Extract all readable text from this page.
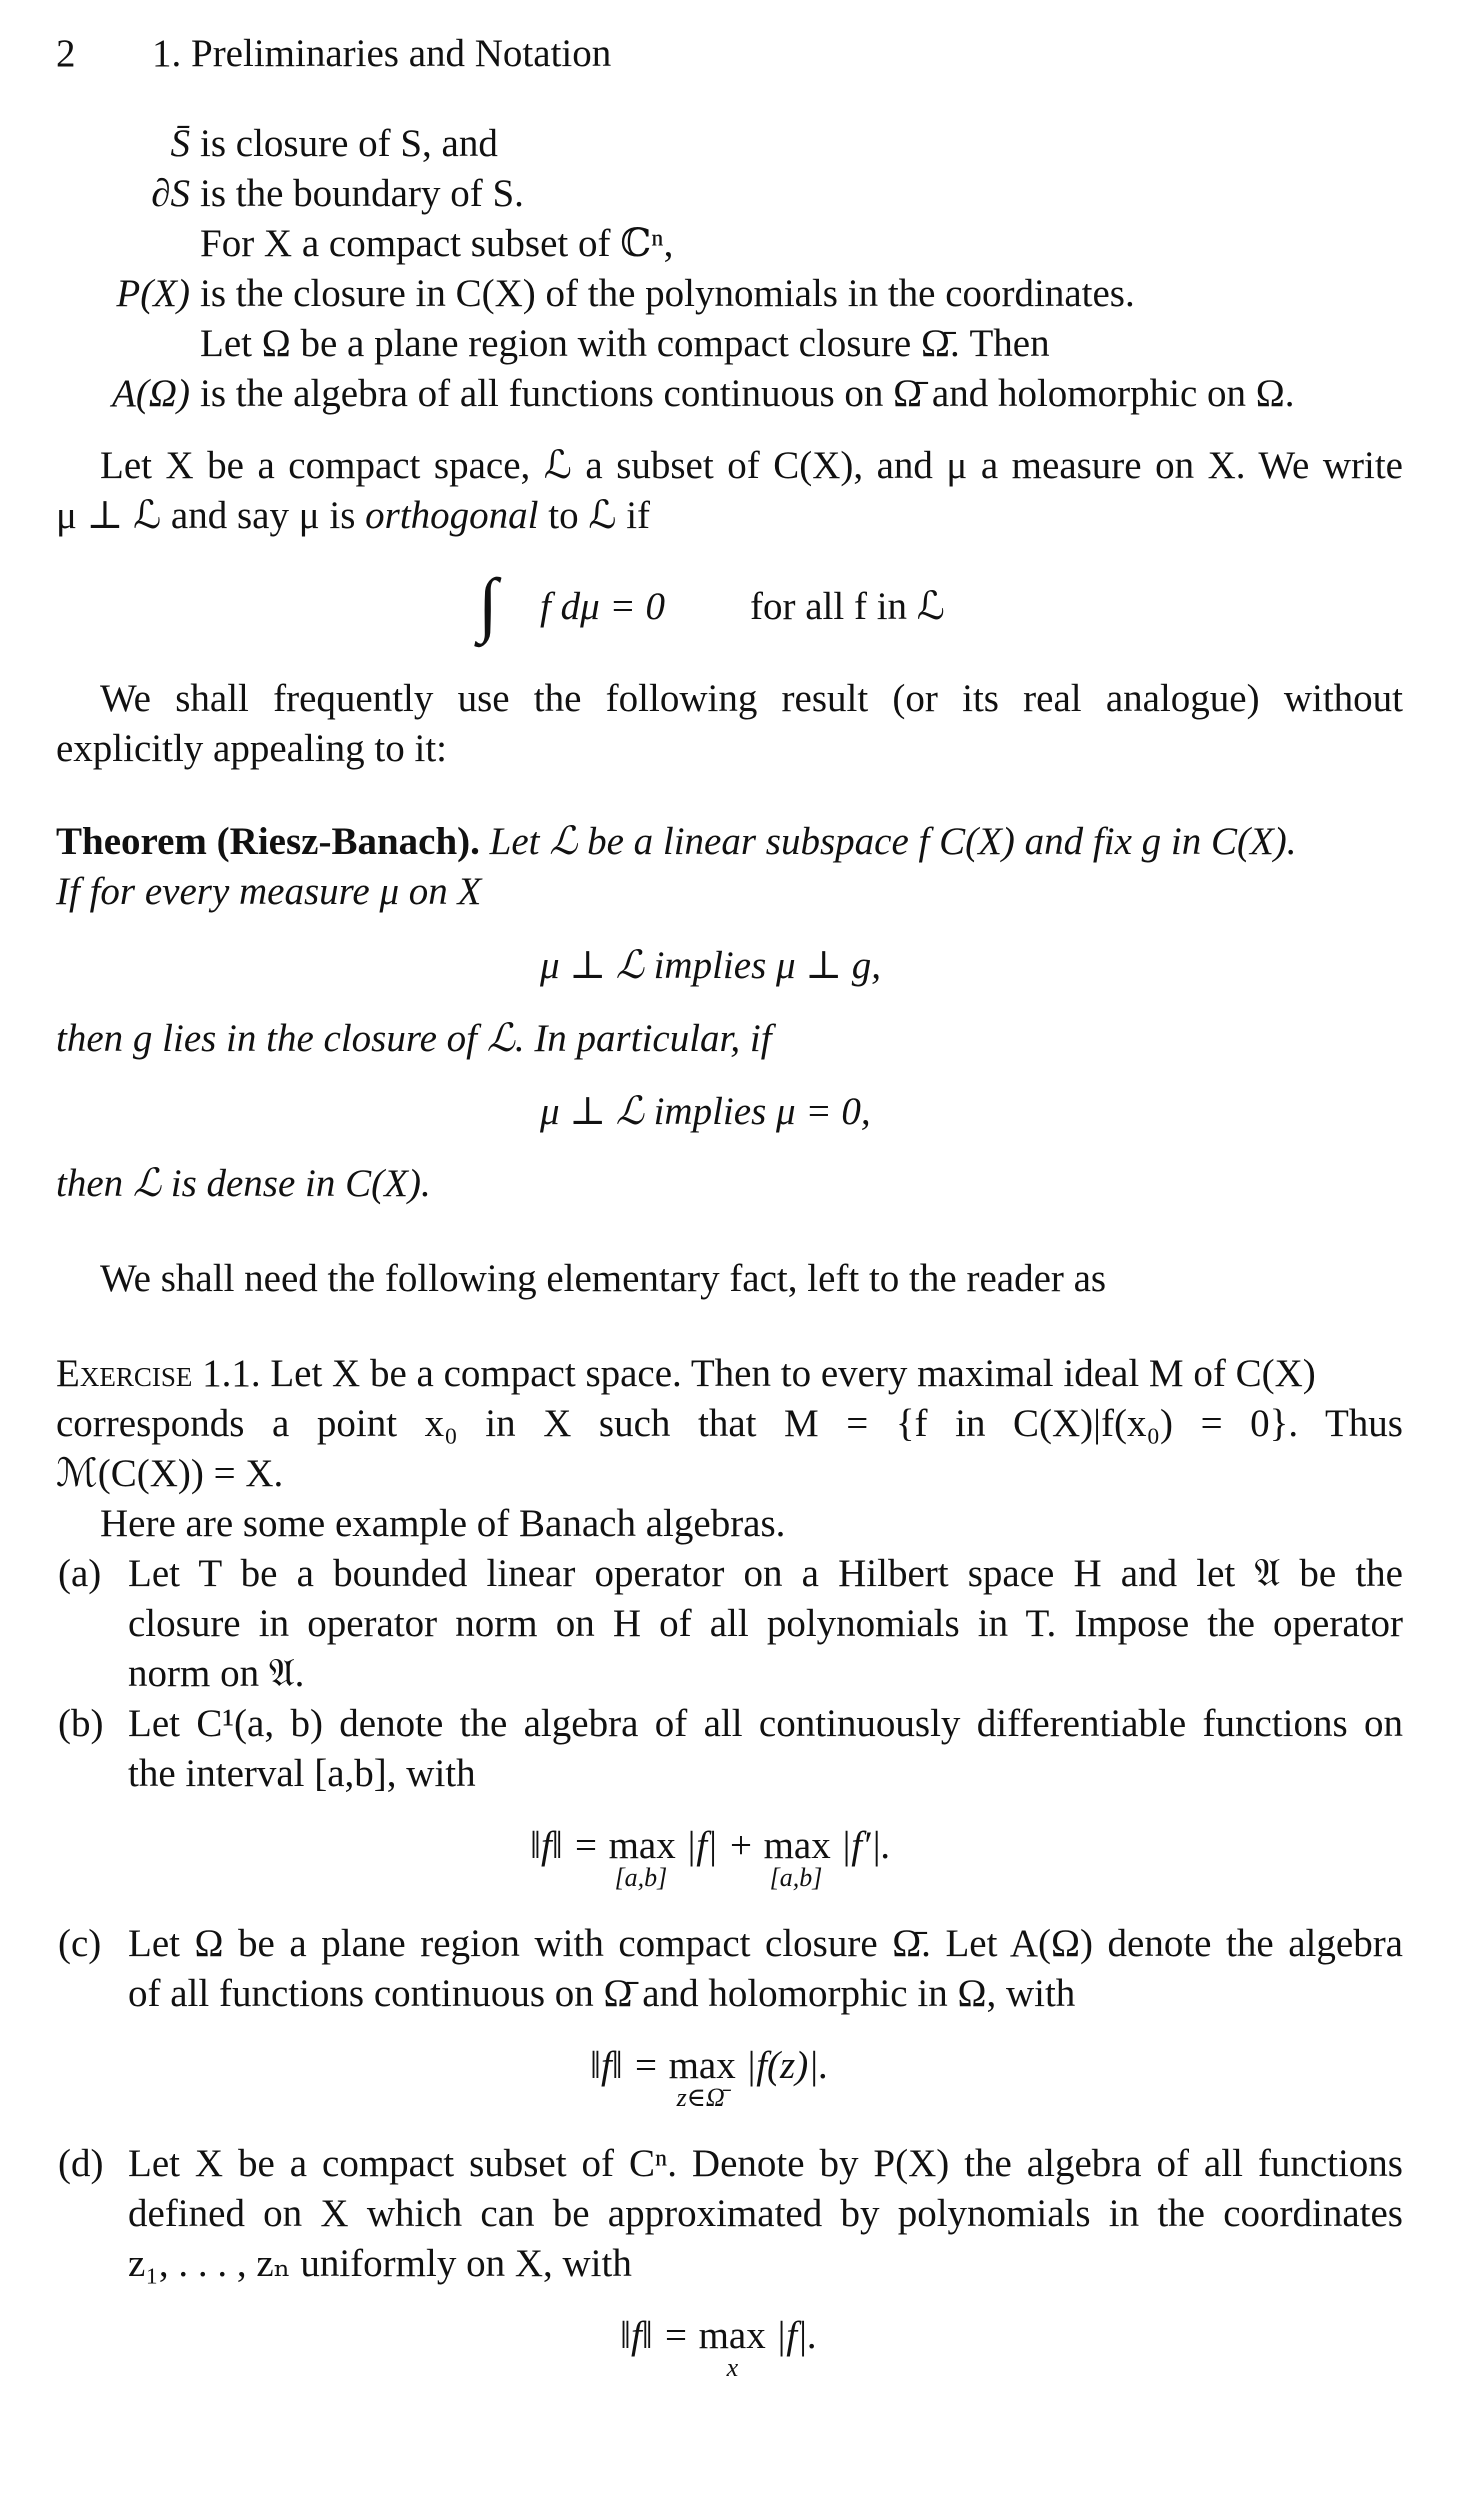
2 1. Preliminaries and Notation
S̄ is closure of S, and
∂S is the boundary of S.
For X a compact subset of ℂⁿ,
P(X) is the closure in C(X) of the polynomials in the coordinates.
Let Ω be a plane region with compact closure Ω̄. Then
A(Ω) is the algebra of all functions continuous on Ω̄ and holomorphic on Ω.
Let X be a compact space, ℒ a subset of C(X), and μ a measure on X. We write
μ ⊥ ℒ and say μ is orthogonal to ℒ if
∫ f dμ = 0 for all f in ℒ
We shall frequently use the following result (or its real analogue) without
explicitly appealing to it:
Theorem (Riesz-Banach). Let ℒ be a linear subspace f C(X) and fix g in C(X).
If for every measure μ on X
μ ⊥ ℒ implies μ ⊥ g,
then g lies in the closure of ℒ. In particular, if
μ ⊥ ℒ implies μ = 0,
then ℒ is dense in C(X).
We shall need the following elementary fact, left to the reader as
Exercise 1.1. Let X be a compact space. Then to every maximal ideal M of C(X)
corresponds a point x₀ in X such that M = {f in C(X)|f(x₀) = 0}. Thus
ℳ(C(X)) = X.
Here are some example of Banach algebras.
(a) Let T be a bounded linear operator on a Hilbert space H and let 𝔄 be the
closure in operator norm on H of all polynomials in T. Impose the operator
norm on 𝔄.
(b) Let C¹(a, b) denote the algebra of all continuously differentiable functions on
the interval [a,b], with
‖f‖ = max
[a,b]
|f| + max
[a,b]
|f′|.
(c) Let Ω be a plane region with compact closure Ω̄. Let A(Ω) denote the algebra
of all functions continuous on Ω̄ and holomorphic in Ω, with
‖f‖ = max
z∈Ω̄
|f(z)|.
(d) Let X be a compact subset of Cⁿ. Denote by P(X) the algebra of all functions
defined on X which can be approximated by polynomials in the coordinates
z₁, . . . , zₙ uniformly on X, with
‖f‖ = max
x
|f|.
